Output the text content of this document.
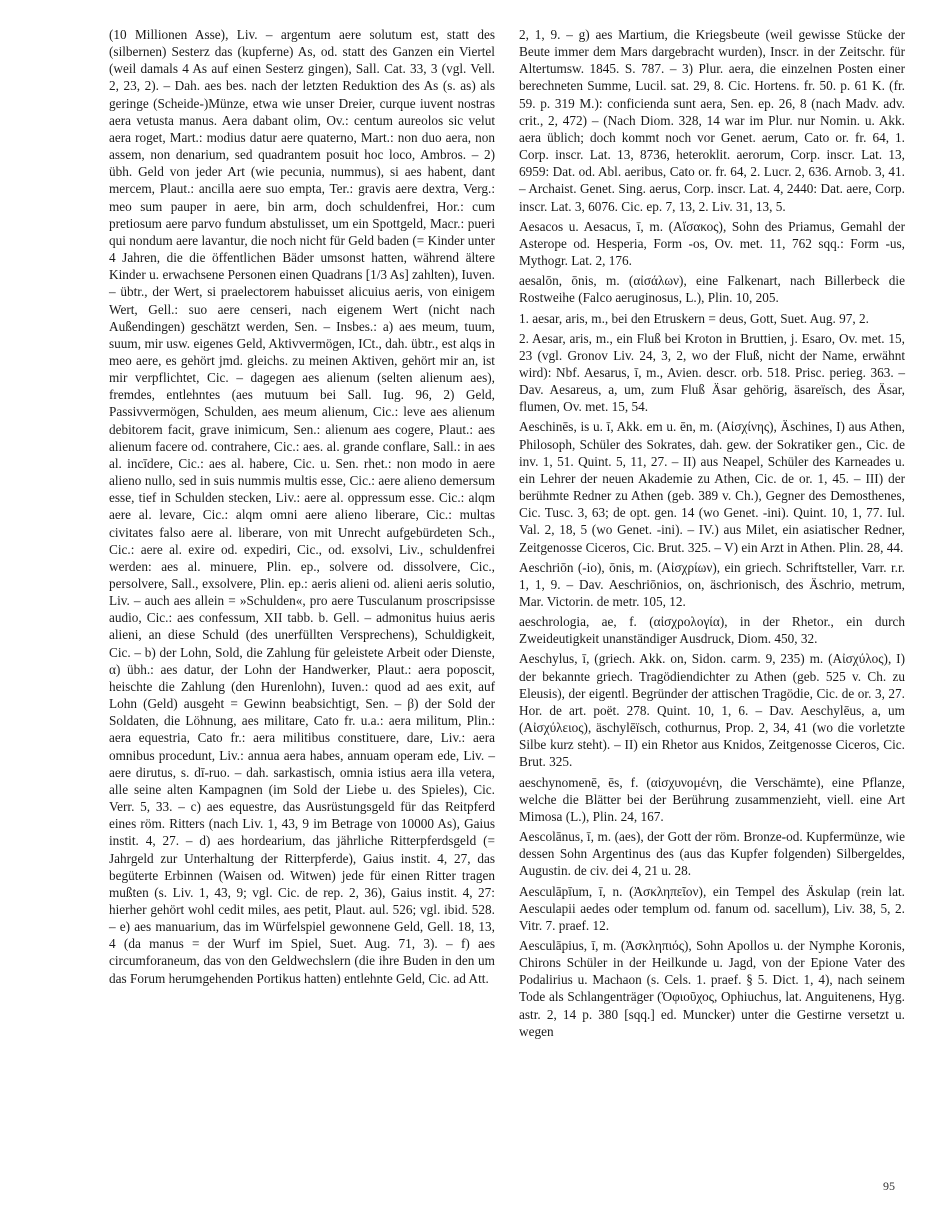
(10 Millionen Asse), Liv. – argentum aere solutum est, statt des (silbernen) Sesterz das (kupferne) As, od. statt des Ganzen ein Viertel (weil damals 4 As auf einen Sesterz gingen), Sall. Cat. 33, 3 (vgl. Vell. 2, 23, 2). – Dah. aes bes. nach der letzten Reduktion des As (s. as) als geringe (Scheide-)Münze, etwa wie unser Dreier, curque iuvent nostras aera vetusta manus. Aera dabant olim, Ov.: centum aureolos sic velut aera roget, Mart.: modius datur aere quaterno, Mart.: non duo aera, non assem, non denarium, sed quadrantem posuit hoc loco, Ambros. – 2) übh. Geld von jeder Art (wie pecunia, nummus), si aes habent, dant mercem, Plaut.: ancilla aere suo empta, Ter.: gravis aere dextra, Verg.: meo sum pauper in aere, bin arm, doch schuldenfrei, Hor.: cum pretiosum aere parvo fundum abstulisset, um ein Spottgeld, Macr.: pueri qui nondum aere lavantur, die noch nicht für Geld baden (= Kinder unter 4 Jahren, die die öffentlichen Bäder umsonst hatten, während ältere Kinder u. erwachsene Personen einen Quadrans [1/3 As] zahlten), Iuven. – übtr., der Wert, si praelectorem habuisset alicuius aeris, von einigem Wert, Gell.: suo aere censeri, nach eigenem Wert (nicht nach Außendingen) geschätzt werden, Sen. – Insbes.: a) aes meum, tuum, suum, mir usw. eigenes Geld, Aktivvermögen, ICt., dah. übtr., est alqs in meo aere, es gehört jmd. gleichs. zu meinen Aktiven, gehört mir an, ist mir verpflichtet, Cic. – dagegen aes alienum (selten alienum aes), fremdes, entlehntes (aes mutuum bei Sall. Iug. 96, 2) Geld, Passivvermögen, Schulden, aes meum alienum, Cic.: leve aes alienum debitorem facit, grave inimicum, Sen.: alienum aes cogere, Plaut.: aes alienum facere od. contrahere, Cic.: aes. al. grande conflare, Sall.: in aes al. incīdere, Cic.: aes al. habere, Cic. u. Sen. rhet.: non modo in aere alieno nullo, sed in suis nummis multis esse, Cic.: aere alieno demersum esse, tief in Schulden stecken, Liv.: aere al. oppressum esse. Cic.: alqm aere al. levare, Cic.: alqm omni aere alieno liberare, Cic.: multas civitates falso aere al. liberare, von mit Unrecht aufgebürdeten Sch., Cic.: aere al. exire od. expediri, Cic., od. exsolvi, Liv., schuldenfrei werden: aes al. minuere, Plin. ep., solvere od. dissolvere, Cic., persolvere, Sall., exsolvere, Plin. ep.: aeris alieni od. alieni aeris solutio, Liv. – auch aes allein = »Schulden«, pro aere Tusculanum proscripsisse audio, Cic.: aes confessum, XII tabb. b. Gell. – admonitus huius aeris alieni, an diese Schuld (des unerfüllten Versprechens), Schuldigkeit, Cic. – b) der Lohn, Sold, die Zahlung für geleistete Arbeit oder Dienste, α) übh.: aes datur, der Lohn der Handwerker, Plaut.: aera poposcit, heischte die Zahlung (den Hurenlohn), Iuven.: quod ad aes exit, auf Lohn (Geld) ausgeht = Gewinn beabsichtigt, Sen. – β) der Sold der Soldaten, die Löhnung, aes militare, Cato fr. u.a.: aera militum, Plin.: aera equestria, Cato fr.: aera militibus constituere, dare, Liv.: aera omnibus procedunt, Liv.: annua aera habes, annuam operam ede, Liv. – aere dirutus, s. dī-ruo. – dah. sarkastisch, omnia istius aera illa vetera, alle seine alten Kampagnen (im Sold der Liebe u. des Spieles), Cic. Verr. 5, 33. – c) aes equestre, das Ausrüstungsgeld für das Reitpferd eines röm. Ritters (nach Liv. 1, 43, 9 im Betrage von 10000 As), Gaius instit. 4, 27. – d) aes hordearium, das jährliche Ritterpferdsgeld (= Jahrgeld zur Unterhaltung der Ritterpferde), Gaius instit. 4, 27, das begüterte Erbinnen (Waisen od. Witwen) jede für einen Ritter tragen mußten (s. Liv. 1, 43, 9; vgl. Cic. de rep. 2, 36), Gaius instit. 4, 27: hierher gehört wohl cedit miles, aes petit, Plaut. aul. 526; vgl. ibid. 528. – e) aes manuarium, das im Würfelspiel gewonnene Geld, Gell. 18, 13, 4 (da manus = der Wurf im Spiel, Suet. Aug. 71, 3). – f) aes circumforaneum, das von den Geldwechslern (die ihre Buden in den um das Forum herumgehenden Portikus hatten) entlehnte Geld, Cic. ad Att.

2, 1, 9. – g) aes Martium, die Kriegsbeute (weil gewisse Stücke der Beute immer dem Mars dargebracht wurden), Inscr. in der Zeitschr. für Altertumsw. 1845. S. 787. – 3) Plur. aera, die einzelnen Posten einer berechneten Summe, Lucil. sat. 29, 8. Cic. Hortens. fr. 50. p. 61 K. (fr. 59. p. 319 M.): conficienda sunt aera, Sen. ep. 26, 8 (nach Madv. adv. crit., 2, 472) – (Nach Diom. 328, 14 war im Plur. nur Nomin. u. Akk. aera üblich; doch kommt noch vor Genet. aerum, Cato or. fr. 64, 1. Corp. inscr. Lat. 13, 8736, heteroklit. aerorum, Corp. inscr. Lat. 13, 6959: Dat. od. Abl. aeribus, Cato or. fr. 64, 2. Lucr. 2, 636. Arnob. 3, 41. – Archaist. Genet. Sing. aerus, Corp. inscr. Lat. 4, 2440: Dat. aere, Corp. inscr. Lat. 3, 6076. Cic. ep. 7, 13, 2. Liv. 31, 13, 5.

Aesacos u. Aesacus, ī, m. (Αἴσακος), Sohn des Priamus, Gemahl der Asterope od. Hesperia, Form -os, Ov. met. 11, 762 sqq.: Form -us, Mythogr. Lat. 2, 176.

aesalōn, ōnis, m. (αἰσάλων), eine Falkenart, nach Billerbeck die Rostweihe (Falco aeruginosus, L.), Plin. 10, 205.

1. aesar, aris, m., bei den Etruskern = deus, Gott, Suet. Aug. 97, 2.

2. Aesar, aris, m., ein Fluß bei Kroton in Bruttien, j. Esaro, Ov. met. 15, 23 (vgl. Gronov Liv. 24, 3, 2, wo der Fluß, nicht der Name, erwähnt wird): Nbf. Aesarus, ī, m., Avien. descr. orb. 518. Prisc. perieg. 363. – Dav. Aesareus, a, um, zum Fluß Äsar gehörig, äsareïsch, des Äsar, flumen, Ov. met. 15, 54.

Aeschinēs, is u. ī, Akk. em u. ēn, m. (Αἰσχίνης), Äschines, I) aus Athen, Philosoph, Schüler des Sokrates, dah. gew. der Sokratiker gen., Cic. de inv. 1, 51. Quint. 5, 11, 27. – II) aus Neapel, Schüler des Karneades u. ein Lehrer der neuen Akademie zu Athen, Cic. de or. 1, 45. – III) der berühmte Redner zu Athen (geb. 389 v. Ch.), Gegner des Demosthenes, Cic. Tusc. 3, 63; de opt. gen. 14 (wo Genet. -ini). Quint. 10, 1, 77. Iul. Val. 2, 18, 5 (wo Genet. -ini). – IV.) aus Milet, ein asiatischer Redner, Zeitgenosse Ciceros, Cic. Brut. 325. – V) ein Arzt in Athen. Plin. 28, 44.

Aeschriōn (-io), ōnis, m. (Αἰσχρίων), ein griech. Schriftsteller, Varr. r.r. 1, 1, 9. – Dav. Aeschriōnios, on, äschrionisch, des Äschrio, metrum, Mar. Victorin. de metr. 105, 12.

aeschrologia, ae, f. (αἰσχρολογία), in der Rhetor., ein durch Zweideutigkeit unanständiger Ausdruck, Diom. 450, 32.

Aeschylus, ī, (griech. Akk. on, Sidon. carm. 9, 235) m. (Αἰσχύλος), I) der bekannte griech. Tragödiendichter zu Athen (geb. 525 v. Ch. zu Eleusis), der eigentl. Begründer der attischen Tragödie, Cic. de or. 3, 27. Hor. de art. poët. 278. Quint. 10, 1, 6. – Dav. Aeschylēus, a, um (Αἰσχύλειος), äschylēïsch, cothurnus, Prop. 2, 34, 41 (wo die vorletzte Silbe kurz steht). – II) ein Rhetor aus Knidos, Zeitgenosse Ciceros, Cic. Brut. 325.

aeschynomenē, ēs, f. (αἰσχυνομένη, die Verschämte), eine Pflanze, welche die Blätter bei der Berührung zusammenzieht, viell. eine Art Mimosa (L.), Plin. 24, 167.

Aescolānus, ī, m. (aes), der Gott der röm. Bronze-od. Kupfermünze, wie dessen Sohn Argentinus des (aus das Kupfer folgenden) Silbergeldes, Augustin. de civ. dei 4, 21 u. 28.

Aesculāpīum, ī, n. (Ἀσκληπεῖον), ein Tempel des Äskulap (rein lat. Aesculapii aedes oder templum od. fanum od. sacellum), Liv. 38, 5, 2. Vitr. 7. praef. 12.

Aesculāpius, ī, m. (Ἀσκληπιός), Sohn Apollos u. der Nymphe Koronis, Chirons Schüler in der Heilkunde u. Jagd, von der Epione Vater des Podalirius u. Machaon (s. Cels. 1. praef. § 5. Dict. 1, 4), nach seinem Tode als Schlangenträger (Ὀφιοῦχος, Ophiuchus, lat. Anguitenens, Hyg. astr. 2, 14 p. 380 [sqq.] ed. Muncker) unter die Gestirne versetzt u. wegen

95
